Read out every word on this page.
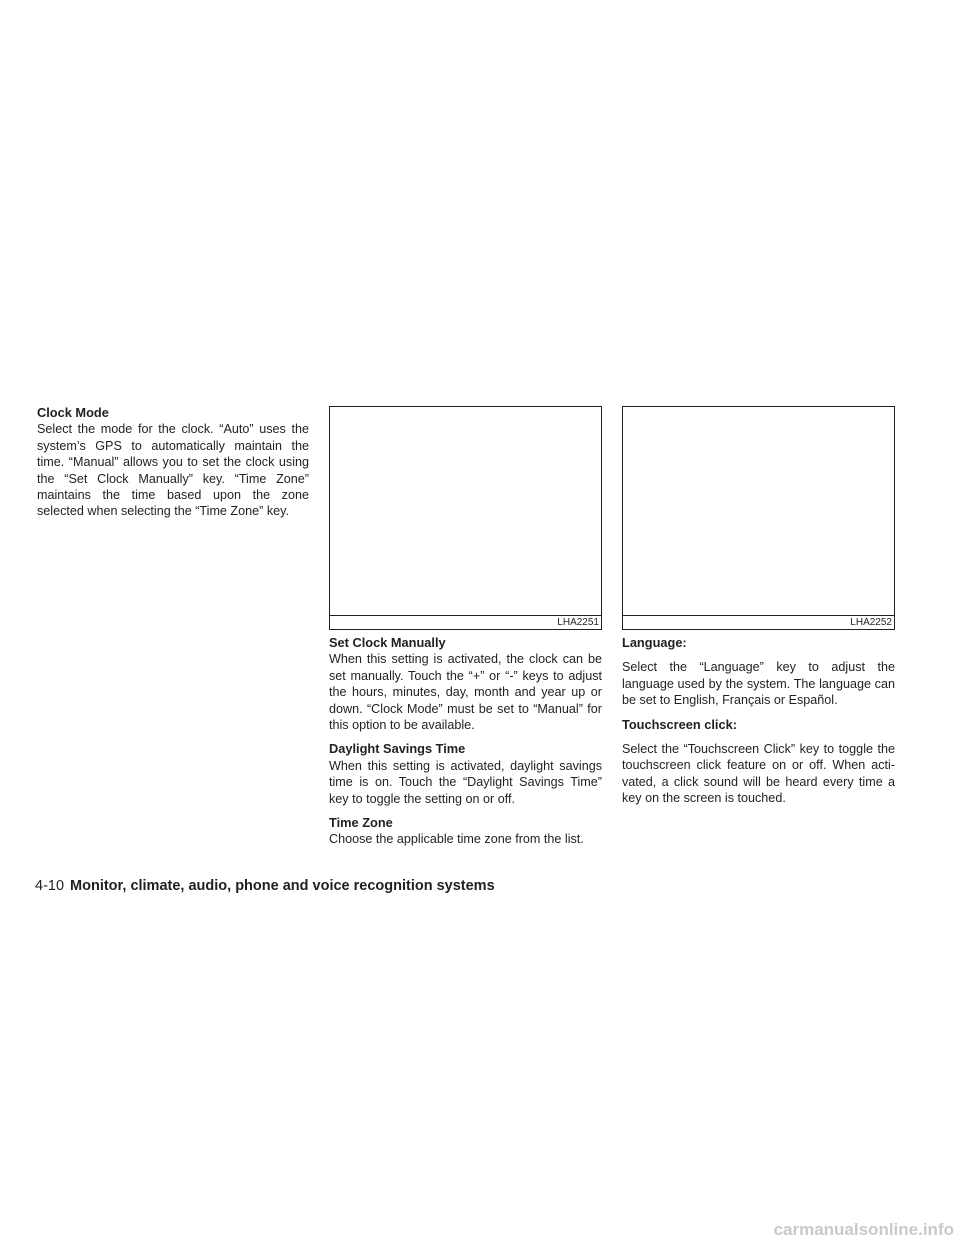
Clock Mode

Select the mode for the clock. “Auto” uses the system’s GPS to automatically maintain the time. “Manual” allows you to set the clock using the “Set Clock Manually” key. “Time Zone” maintains the time based upon the zone selected when selecting the “Time Zone” key.

LHA2251	LHA2252
Set Clock Manually

When this setting is activated, the clock can be set manually. Touch the “+” or “-” keys to adjust the hours, minutes, day, month and year up or down. “Clock Mode” must be set to “Manual” for this option to be available.

Daylight Savings Time

When this setting is activated, daylight savings time is on. Touch the “Daylight Savings Time” key to toggle the setting on or off.

Time Zone

Choose the applicable time zone from the list.

Language:

Select the “Language” key to adjust the language used by the system. The language can be set to English, Français or Español.

Touchscreen click:

Select the “Touchscreen Click” key to toggle the touchscreen click feature on or off. When acti-vated, a click sound will be heard every time a key on the screen is touched.

4-10 Monitor, climate, audio, phone and voice recognition systems
carmanualsonline.info
